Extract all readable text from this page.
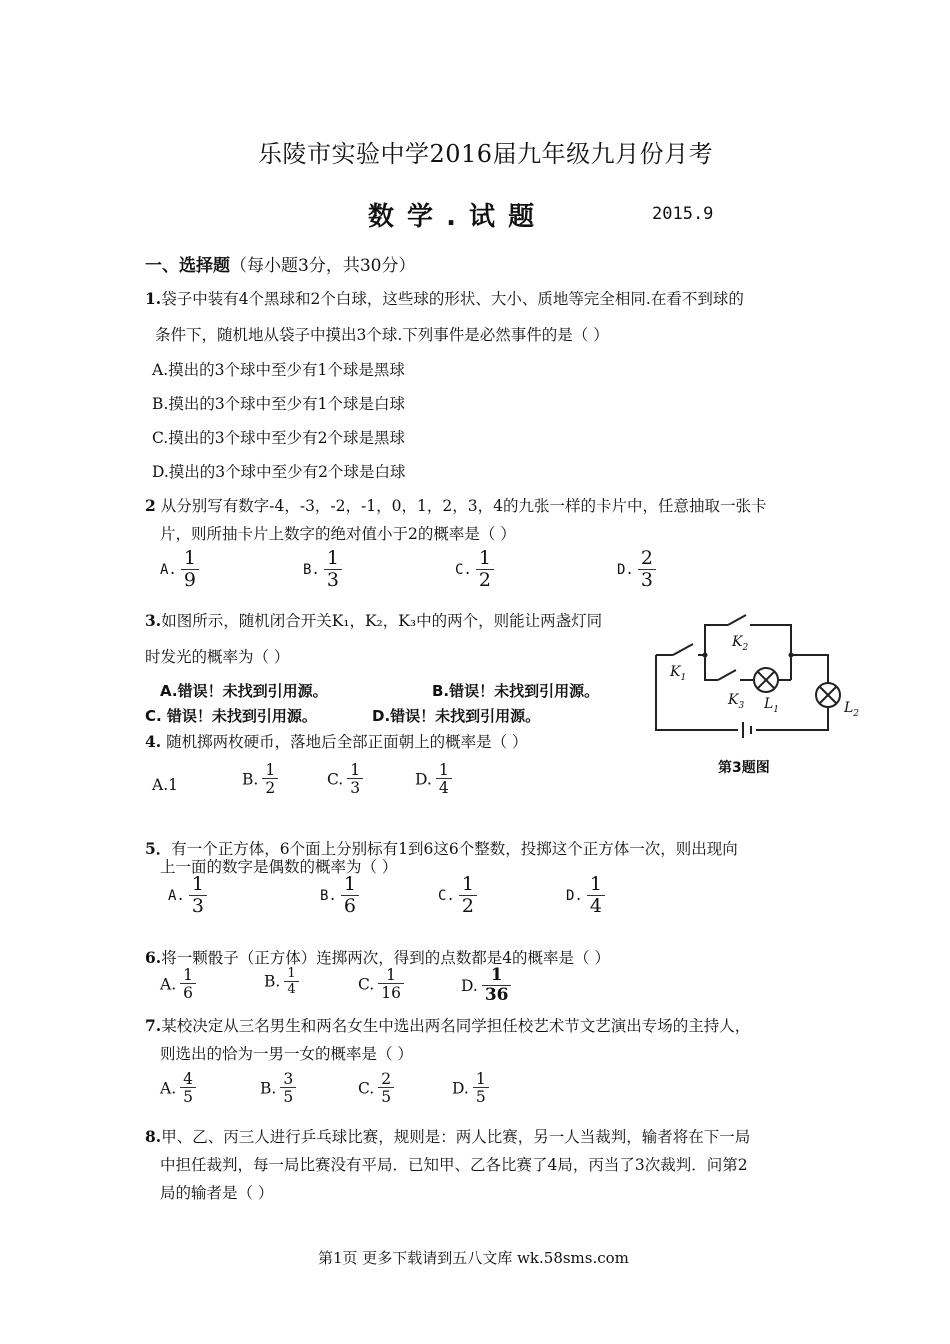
乐陵市实验中学2016届九年级九月份月考
数 学 . 试 题	2015.9
一、选择题（每小题3分，共30分）
1.袋子中装有4个黑球和2个白球，这些球的形状、大小、质地等完全相同.在看不到球的
条件下，随机地从袋子中摸出3个球.下列事件是必然事件的是（ ）
A.摸出的3个球中至少有1个球是黑球
B.摸出的3个球中至少有1个球是白球
C.摸出的3个球中至少有2个球是黑球
D.摸出的3个球中至少有2个球是白球
2 从分别写有数字-4，-3，-2，-1，0，1，2，3，4的九张一样的卡片中，任意抽取一张卡
片，则所抽卡片上数字的绝对值小于2的概率是（ ）
A. $\frac{1}{9}$	B. $\frac{1}{3}$	C. $\frac{1}{2}$	D. $\frac{2}{3}$
3.如图所示，随机闭合开关K₁，K₂，K₃中的两个，则能让两盏灯同
时发光的概率为（ ）
A.错误！未找到引用源。	B.错误！未找到引用源。
C. 错误！未找到引用源。	D.错误！未找到引用源。
$K_1$
$K_2$
$K_3$ $L_1$	$L_2$
第3题图
4. 随机掷两枚硬币，落地后全部正面朝上的概率是（ ）
A.1	B. $\frac{1}{2}$	C. $\frac{1}{3}$	D. $\frac{1}{4}$
5．有一个正方体，6个面上分别标有1到6这6个整数，投掷这个正方体一次，则出现向
上一面的数字是偶数的概率为（ ）
A. $\frac{1}{3}$	B. $\frac{1}{6}$	C. $\frac{1}{2}$	D. $\frac{1}{4}$
6.将一颗骰子（正方体）连掷两次，得到的点数都是4的概率是（ ）
A. $\frac{1}{6}$	B. $\frac{1}{4}$	C. $\frac{1}{16}$	D. $\frac{1}{36}$
7.某校决定从三名男生和两名女生中选出两名同学担任校艺术节文艺演出专场的主持人，
则选出的恰为一男一女的概率是（ ）
A. $\frac{4}{5}$	B. $\frac{3}{5}$	C. $\frac{2}{5}$	D. $\frac{1}{5}$
8.甲、乙、丙三人进行乒乓球比赛，规则是：两人比赛，另一人当裁判，输者将在下一局
中担任裁判，每一局比赛没有平局．已知甲、乙各比赛了4局，丙当了3次裁判．问第2
局的输者是（ ）
第1页 更多下载请到五八文库 wk.58sms.com
